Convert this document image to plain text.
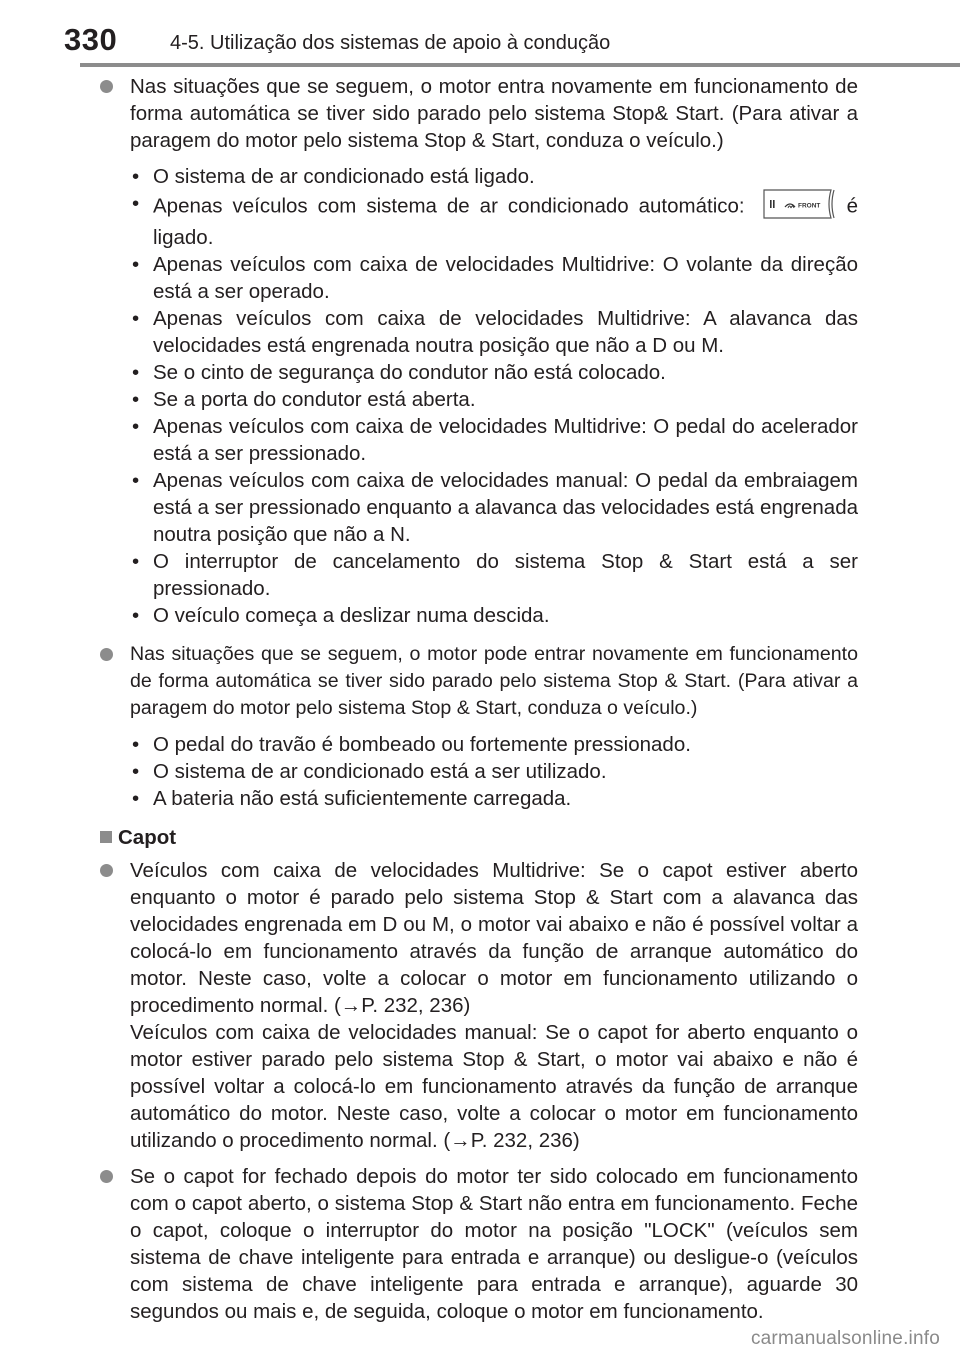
330	4-5. Utilização dos sistemas de apoio à condução
Nas situações que se seguem, o motor entra novamente em funcionamento de forma automática se tiver sido parado pelo sistema Stop& Start. (Para ativar a paragem do motor pelo sistema Stop & Start, conduza o veículo.)
• O sistema de ar condicionado está ligado.
• Apenas veículos com sistema de ar condicionado automático:	FRONT é ligado.
• Apenas veículos com caixa de velocidades Multidrive: O volante da direção está a ser operado.
• Apenas veículos com caixa de velocidades Multidrive: A alavanca das velocidades está engrenada noutra posição que não a D ou M.
• Se o cinto de segurança do condutor não está colocado.
• Se a porta do condutor está aberta.
• Apenas veículos com caixa de velocidades Multidrive: O pedal do acelerador está a ser pressionado.
• Apenas veículos com caixa de velocidades manual: O pedal da embraiagem está a ser pressionado enquanto a alavanca das velocidades está engrenada noutra posição que não a N.
• O interruptor de cancelamento do sistema Stop & Start está a ser pressionado.
• O veículo começa a deslizar numa descida.
Nas situações que se seguem, o motor pode entrar novamente em funcionamento de forma automática se tiver sido parado pelo sistema Stop & Start. (Para ativar a paragem do motor pelo sistema Stop & Start, conduza o veículo.)
• O pedal do travão é bombeado ou fortemente pressionado.
• O sistema de ar condicionado está a ser utilizado.
• A bateria não está suficientemente carregada.
Capot
Veículos com caixa de velocidades Multidrive: Se o capot estiver aberto enquanto o motor é parado pelo sistema Stop & Start com a alavanca das velocidades engrenada em D ou M, o motor vai abaixo e não é possível voltar a colocá-lo em funcionamento através da função de arranque automático do motor. Neste caso, volte a colocar o motor em funcionamento utilizando o procedimento normal. (→P. 232, 236)
Veículos com caixa de velocidades manual: Se o capot for aberto enquanto o motor estiver parado pelo sistema Stop & Start, o motor vai abaixo e não é possível voltar a colocá-lo em funcionamento através da função de arranque automático do motor. Neste caso, volte a colocar o motor em funcionamento utilizando o procedimento normal. (→P. 232, 236)
Se o capot for fechado depois do motor ter sido colocado em funcionamento com o capot aberto, o sistema Stop & Start não entra em funcionamento. Feche o capot, coloque o interruptor do motor na posição "LOCK" (veículos sem sistema de chave inteligente para entrada e arranque) ou desligue-o (veículos com sistema de chave inteligente para entrada e arranque), aguarde 30 segundos ou mais e, de seguida, coloque o motor em funcionamento.
carmanualsonline.info
